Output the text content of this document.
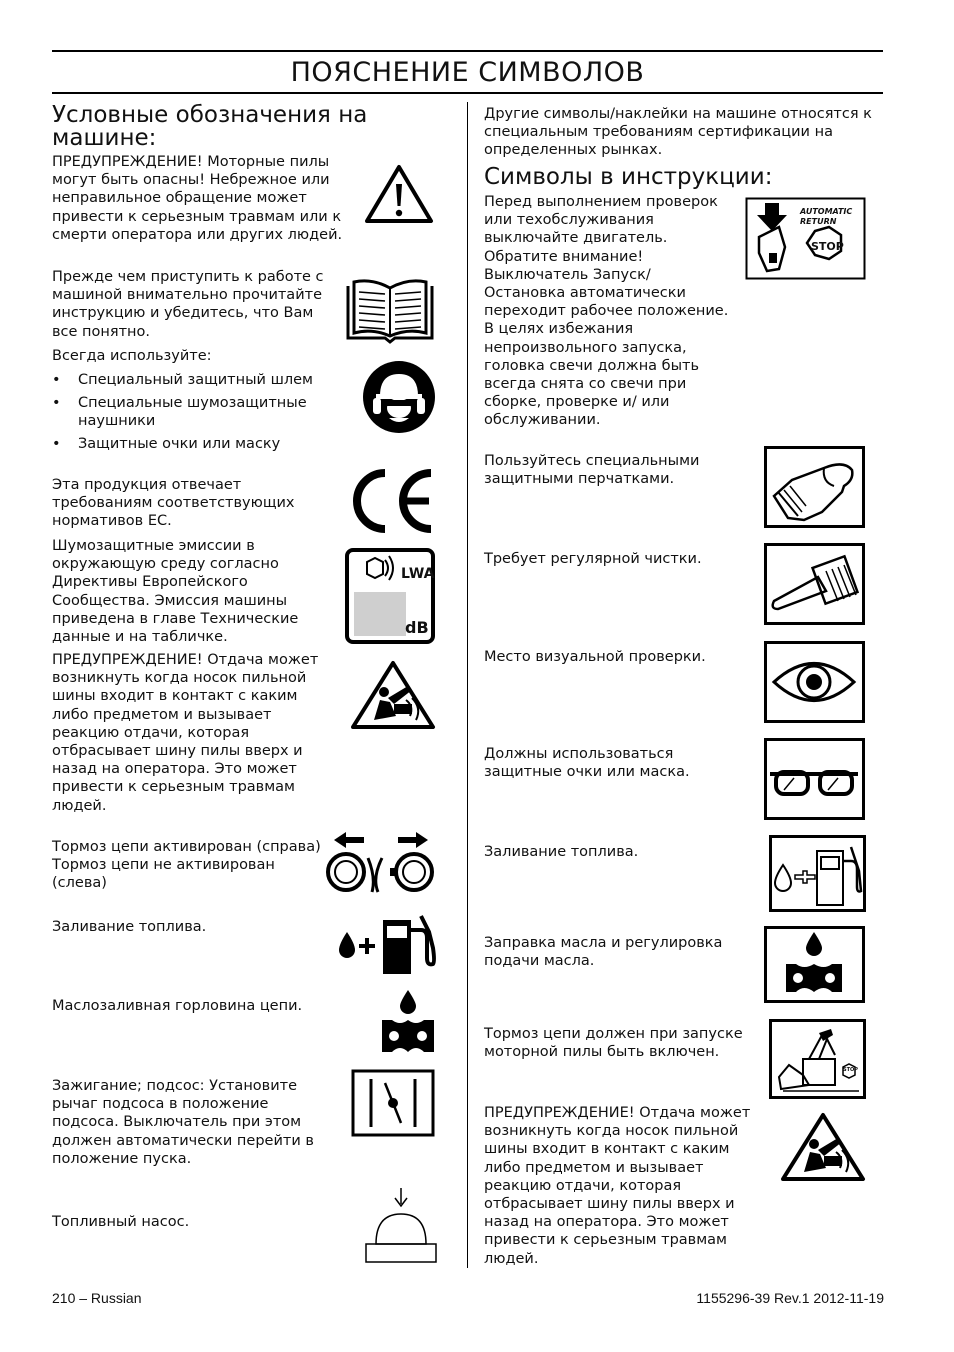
ПОЯСНЕНИЕ СИМВОЛОВ
Условные обозначения на машине:

ПРЕДУПРЕЖДЕНИЕ! Моторные пилы могут быть опасны! Небрежное или неправильное обращение может привести к серьезным травмам или к смерти оператора или других людей.

Прежде чем приступить к работе с машиной внимательно прочитайте инструкцию и убедитесь, что Вам все понятно.

Всегда используйте:

• Специальный защитный шлем
• Специальные шумозащитные наушники
• Защитные очки или маску

Эта продукция отвечает требованиям соответствующих нормативов ЕС.

Шумозащитные эмиссии в окружающую среду согласно Директивы Европейского Сообщества. Эмиссия машины приведена в главе Технические данные и на табличке.

LWA
dB

ПРЕДУПРЕЖДЕНИЕ! Отдача может возникнуть когда носок пильной шины входит в контакт с каким либо предметом и вызывает реакцию отдачи, которая отбрасывает шину пилы вверх и назад на оператора. Это может привести к серьезным травмам людей.

Тормоз цепи активирован (справа) Тормоз цепи не активирован (слева)

Заливание топлива.

Маслозаливная горловина цепи.

Зажигание; подсос: Установите рычаг подсоса в положение подсоса. Выключатель при этом должен автоматически перейти в положение пуска.

Топливный насос.

Другие символы/наклейки на машине относятся к специальным требованиям сертификации на определенных рынках.

Символы в инструкции:

Перед выполнением проверок или техобслуживания выключайте двигатель. Обратите внимание! Выключатель Запуск/ Остановка автоматически переходит рабочее положение. В целях избежания непроизвольного запуска, головка свечи должна быть всегда снята со свечи при сборке, проверке и/ или обслуживании.

AUTOMATIC
RETURN
STOP

Пользуйтесь специальными защитными перчатками.

Требует регулярной чистки.

Место визуальной проверки.

Должны использоваться защитные очки или маска.

Заливание топлива.

Заправка масла и регулировка подачи масла.

Тормоз цепи должен при запуске моторной пилы быть включен.

STOP

ПРЕДУПРЕЖДЕНИЕ! Отдача может возникнуть когда носок пильной шины входит в контакт с каким либо предметом и вызывает реакцию отдачи, которая отбрасывает шину пилы вверх и назад на оператора. Это может привести к серьезным травмам людей.

210 – Russian	1155296-39 Rev.1 2012-11-19
